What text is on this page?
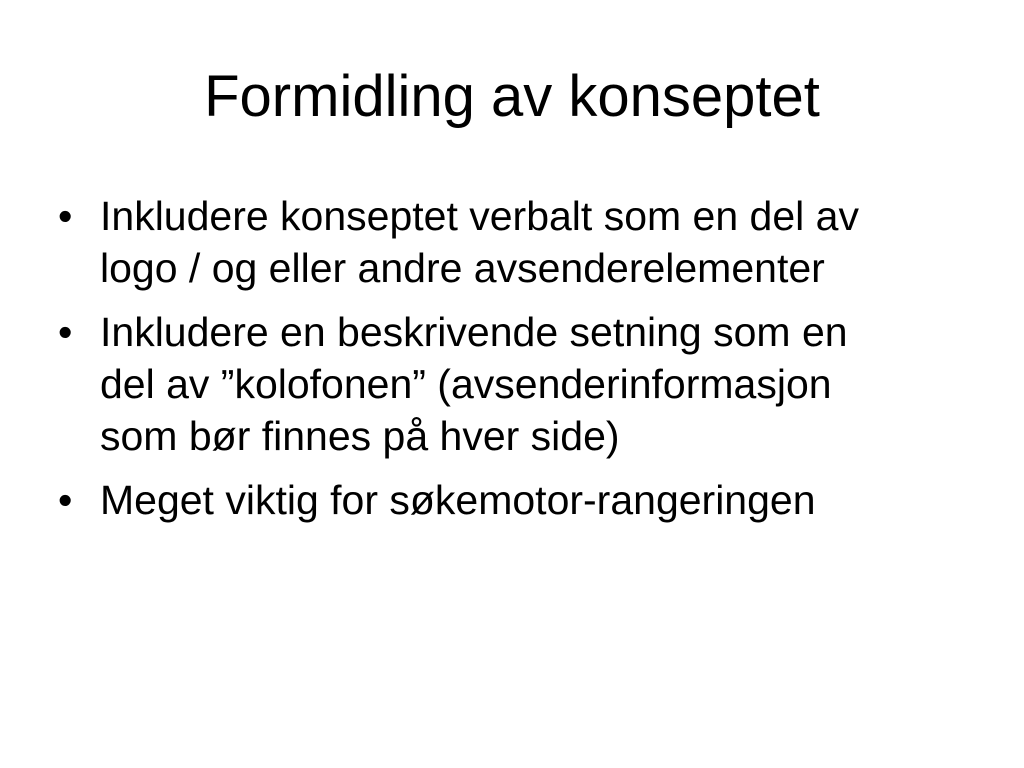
Formidling av konseptet
• Inkludere konseptet verbalt som en del av
logo / og eller andre avsenderelementer
• Inkludere en beskrivende setning som en
del av ”kolofonen” (avsenderinformasjon
som bør finnes på hver side)
• Meget viktig for søkemotor-rangeringen
